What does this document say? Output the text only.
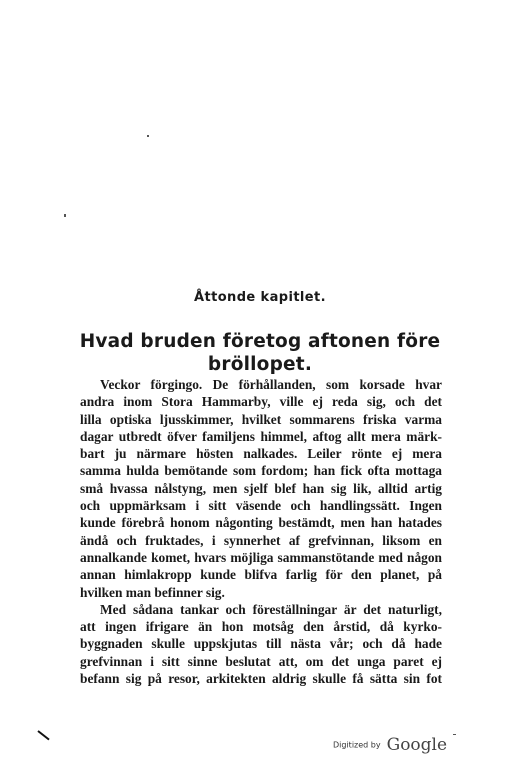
Åttonde kapitlet.
Hvad bruden företog aftonen före
bröllopet.
Veckor förgingo. De förhållanden, som korsade hvar
andra inom Stora Hammarby, ville ej reda sig, och det
lilla optiska ljusskimmer, hvilket sommarens friska varma
dagar utbredt öfver familjens himmel, aftog allt mera märk-
bart ju närmare hösten nalkades. Leiler rönte ej mera
samma hulda bemötande som fordom; han fick ofta mottaga
små hvassa nålstyng, men sjelf blef han sig lik, alltid artig
och uppmärksam i sitt väsende och handlingssätt. Ingen
kunde förebrå honom någonting bestämdt, men han hatades
ändå och fruktades, i synnerhet af grefvinnan, liksom en
annalkande komet, hvars möjliga sammanstötande med någon
annan himlakropp kunde blifva farlig för den planet, på
hvilken man befinner sig.
Med sådana tankar och föreställningar är det naturligt,
att ingen ifrigare än hon motsåg den årstid, då kyrko-
byggnaden skulle uppskjutas till nästa vår; och då hade
grefvinnan i sitt sinne beslutat att, om det unga paret ej
befann sig på resor, arkitekten aldrig skulle få sätta sin fot
Digitized by Google
